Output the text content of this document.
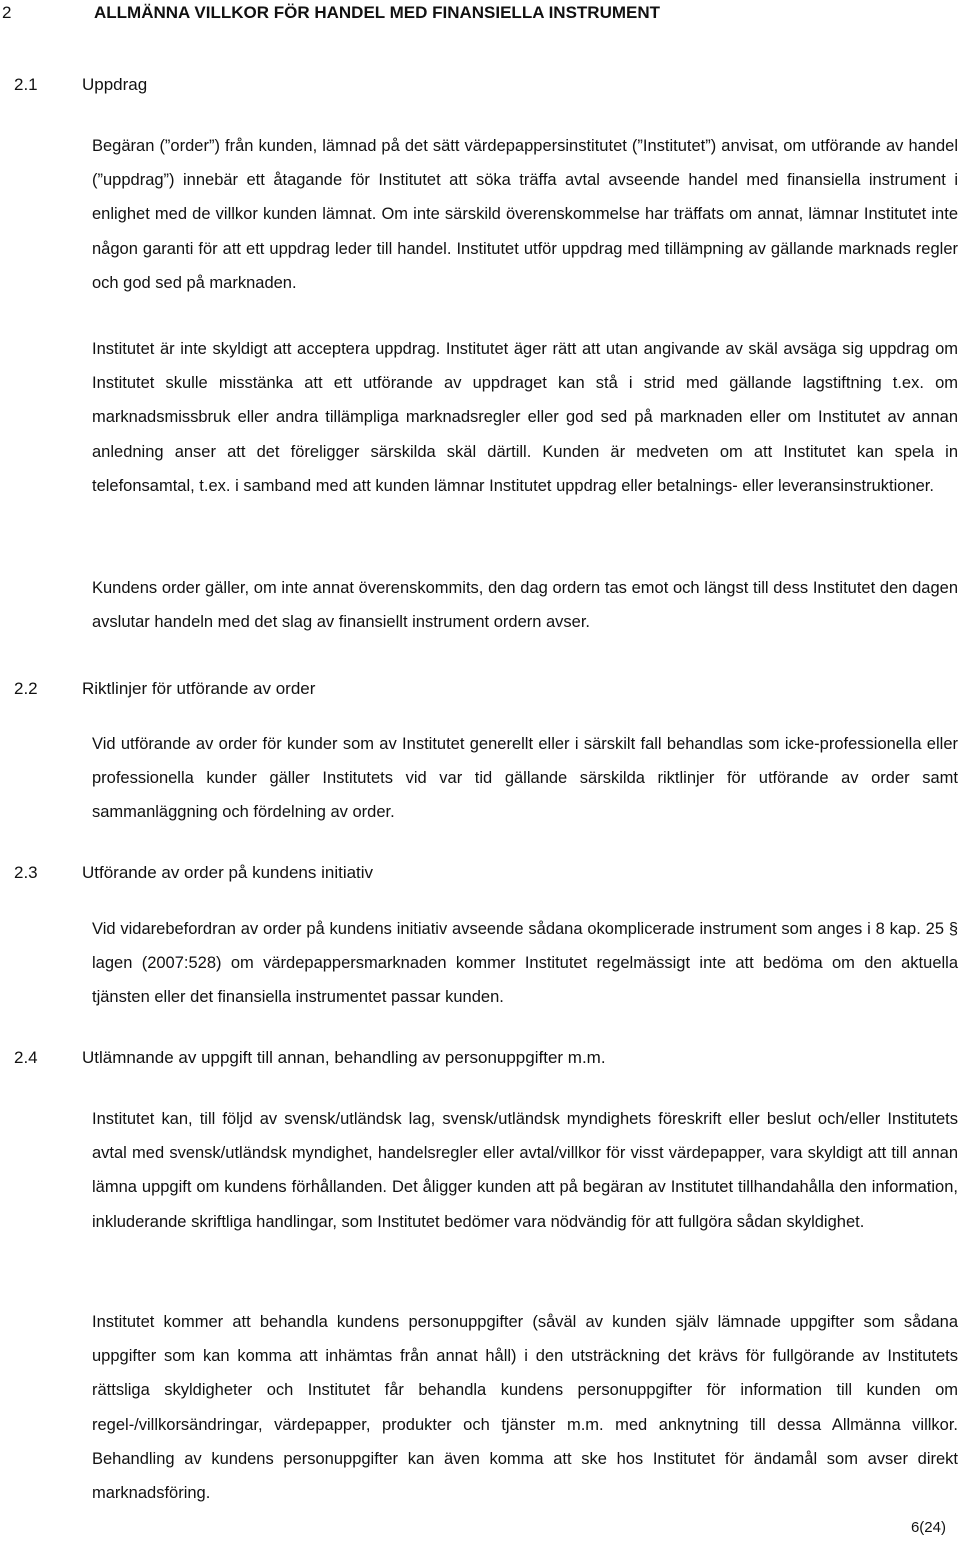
2	ALLMÄNNA VILLKOR FÖR HANDEL MED FINANSIELLA INSTRUMENT
2.1	Uppdrag

Begäran (”order”) från kunden, lämnad på det sätt värdepappersinstitutet (”Institutet”) anvisat, om utförande av handel (”uppdrag”) innebär ett åtagande för Institutet att söka träffa avtal avseende handel med finansiella instrument i enlighet med de villkor kunden lämnat. Om inte särskild överenskommelse har träffats om annat, lämnar Institutet inte någon garanti för att ett uppdrag leder till handel. Institutet utför uppdrag med tillämpning av gällande marknads regler och god sed på marknaden.

Institutet är inte skyldigt att acceptera uppdrag. Institutet äger rätt att utan angivande av skäl avsäga sig uppdrag om Institutet skulle misstänka att ett utförande av uppdraget kan stå i strid med gällande lagstiftning t.ex. om marknadsmissbruk eller andra tillämpliga marknadsregler eller god sed på marknaden eller om Institutet av annan anledning anser att det föreligger särskilda skäl därtill. Kunden är medveten om att Institutet kan spela in telefonsamtal, t.ex. i samband med att kunden lämnar Institutet uppdrag eller betalnings- eller leveransinstruktioner.

Kundens order gäller, om inte annat överenskommits, den dag ordern tas emot och längst till dess Institutet den dagen avslutar handeln med det slag av finansiellt instrument ordern avser.

2.2	Riktlinjer för utförande av order

Vid utförande av order för kunder som av Institutet generellt eller i särskilt fall behandlas som icke-professionella eller professionella kunder gäller Institutets vid var tid gällande särskilda riktlinjer för utförande av order samt sammanläggning och fördelning av order.

2.3	Utförande av order på kundens initiativ

Vid vidarebefordran av order på kundens initiativ avseende sådana okomplicerade instrument som anges i 8 kap. 25 § lagen (2007:528) om värdepappersmarknaden kommer Institutet regelmässigt inte att bedöma om den aktuella tjänsten eller det finansiella instrumentet passar kunden.

2.4	Utlämnande av uppgift till annan, behandling av personuppgifter m.m.

Institutet kan, till följd av svensk/utländsk lag, svensk/utländsk myndighets föreskrift eller beslut och/eller Institutets avtal med svensk/utländsk myndighet, handelsregler eller avtal/villkor för visst värdepapper, vara skyldigt att till annan lämna uppgift om kundens förhållanden. Det åligger kunden att på begäran av Institutet tillhandahålla den information, inkluderande skriftliga handlingar, som Institutet bedömer vara nödvändig för att fullgöra sådan skyldighet.

Institutet kommer att behandla kundens personuppgifter (såväl av kunden själv lämnade uppgifter som sådana uppgifter som kan komma att inhämtas från annat håll) i den utsträckning det krävs för fullgörande av Institutets rättsliga skyldigheter och Institutet får behandla kundens personuppgifter för information till kunden om regel-/villkorsändringar, värdepapper, produkter och tjänster m.m. med anknytning till dessa Allmänna villkor. Behandling av kundens personuppgifter kan även komma att ske hos Institutet för ändamål som avser direkt marknadsföring.

6(24)
